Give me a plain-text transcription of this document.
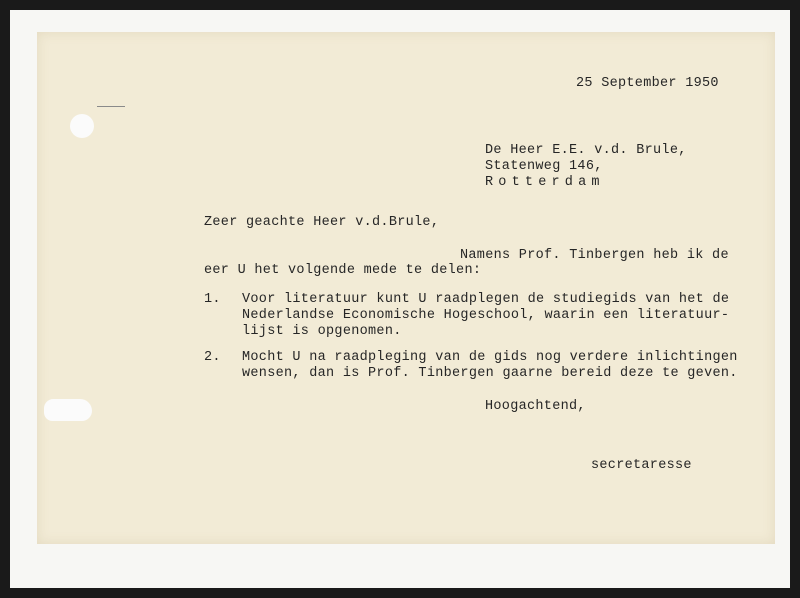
25 September 1950
De Heer E.E. v.d. Brule,
Statenweg 146,
Rotterdam
Zeer geachte Heer v.d.Brule,
Namens Prof. Tinbergen heb ik de
eer U het volgende mede te delen:
1. Voor literatuur kunt U raadplegen de studiegids van het de
Nederlandse Economische Hogeschool, waarin een literatuur-
lijst is opgenomen.
2. Mocht U na raadpleging van de gids nog verdere inlichtingen
wensen, dan is Prof. Tinbergen gaarne bereid deze te geven.
Hoogachtend,
secretaresse
